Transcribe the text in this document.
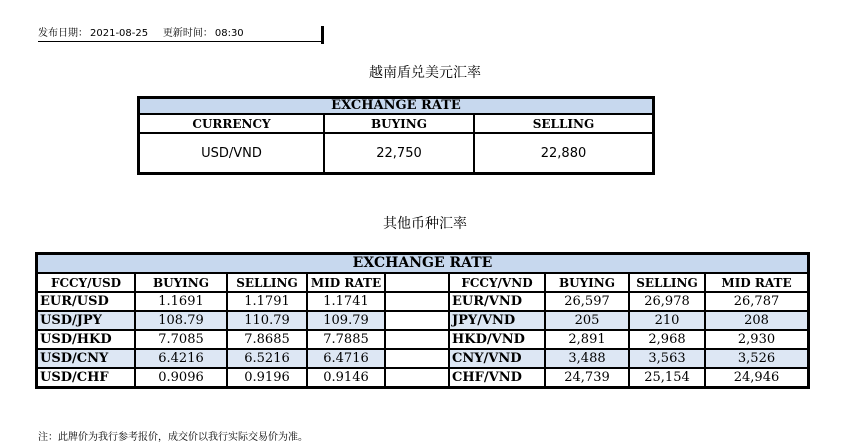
发布日期： 2021-08-25 更新时间： 08:30
越南盾兑美元汇率
EXCHANGE RATE		
CURRENCY	BUYING	SELLING
USD/VND	22,750	22,880
其他币种汇率
EXCHANGE RATE								
FCCY/USD	BUYING	SELLING	MID RATE		FCCY/VND	BUYING	SELLING	MID RATE
EUR/USD	1.1691	1.1791	1.1741		EUR/VND	26,597	26,978	26,787
USD/JPY	108.79	110.79	109.79		JPY/VND	205	210	208
USD/HKD	7.7085	7.8685	7.7885		HKD/VND	2,891	2,968	2,930
USD/CNY	6.4216	6.5216	6.4716		CNY/VND	3,488	3,563	3,526
USD/CHF	0.9096	0.9196	0.9146		CHF/VND	24,739	25,154	24,946
注：此牌价为我行参考报价，成交价以我行实际交易价为准。
